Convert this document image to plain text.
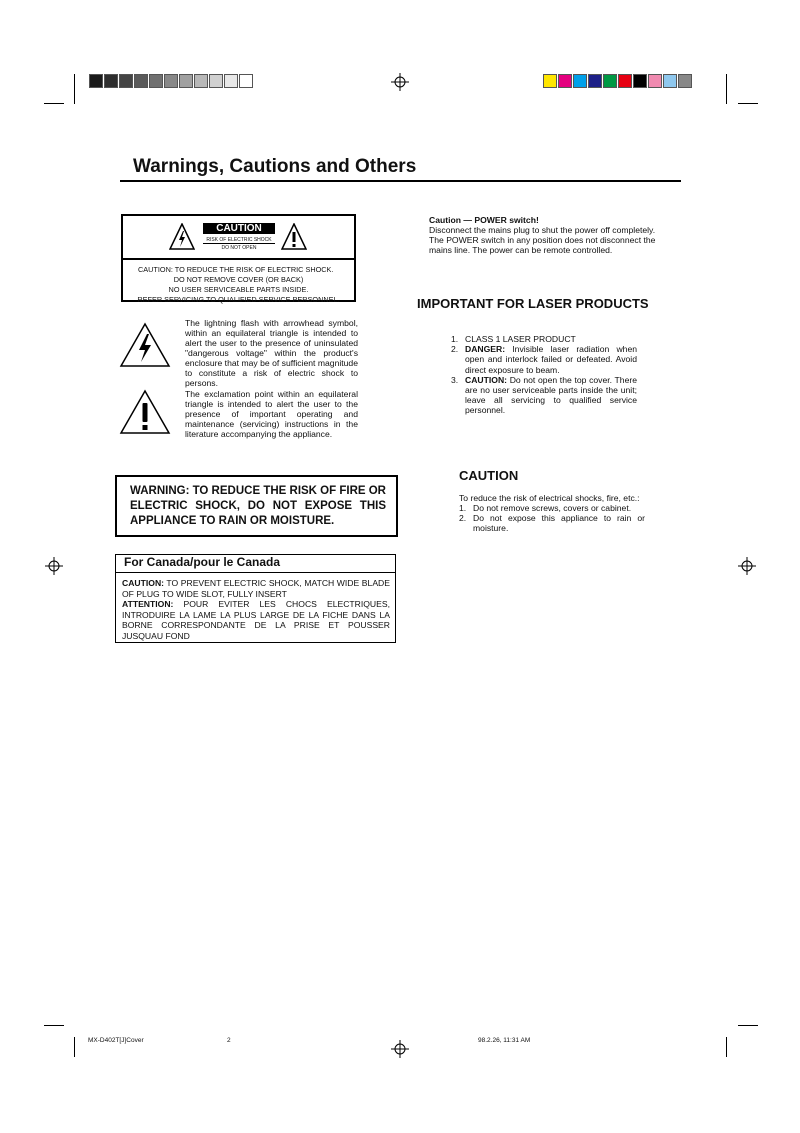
Warnings, Cautions and Others
CAUTION
RISK OF ELECTRIC SHOCK
DO NOT OPEN
CAUTION: TO REDUCE THE RISK OF ELECTRIC SHOCK.
DO NOT REMOVE COVER (OR BACK)
NO USER SERVICEABLE PARTS INSIDE.
REFER SERVICING TO QUALIFIED SERVICE PERSONNEL.
The lightning flash with arrowhead symbol, within an equilateral triangle is intended to alert the user to the presence of uninsulated "dangerous voltage" within the product's enclosure that may be of sufficient magnitude to constitute a risk of electric shock to persons.
The exclamation point within an equilateral triangle is intended to alert the user to the presence of important operating and maintenance (servicing) instructions in the literature accompanying the appliance.
WARNING: TO REDUCE THE RISK OF FIRE OR ELECTRIC SHOCK, DO NOT EXPOSE THIS APPLIANCE TO RAIN OR MOISTURE.
For Canada/pour le Canada
CAUTION: TO PREVENT ELECTRIC SHOCK, MATCH WIDE BLADE OF PLUG TO WIDE SLOT, FULLY INSERT
ATTENTION: POUR EVITER LES CHOCS ELECTRIQUES, INTRODUIRE LA LAME LA PLUS LARGE DE LA FICHE DANS LA BORNE CORRESPONDANTE DE LA PRISE ET POUSSER JUSQUAU FOND
Caution — POWER switch!
Disconnect the mains plug to shut the power off completely. The POWER switch in any position does not disconnect the mains line. The power can be remote controlled.
IMPORTANT FOR LASER PRODUCTS
1. CLASS 1 LASER PRODUCT
2. DANGER: Invisible laser radiation when open and interlock failed or defeated. Avoid direct exposure to beam.
3. CAUTION: Do not open the top cover. There are no user serviceable parts inside the unit; leave all servicing to qualified service personnel.
CAUTION
To reduce the risk of electrical shocks, fire, etc.:
1. Do not remove screws, covers or cabinet.
2. Do not expose this appliance to rain or moisture.
MX-D402T[J]Cover	2	98.2.26, 11:31 AM
